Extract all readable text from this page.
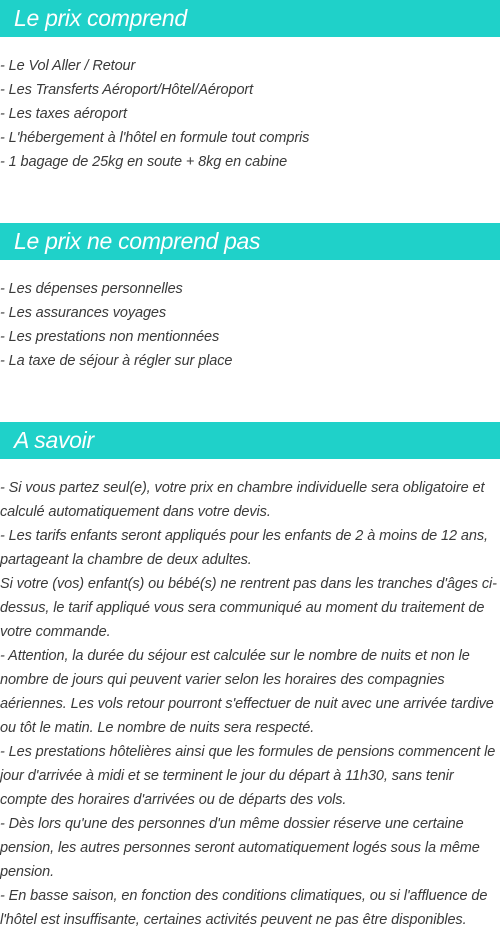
Le prix comprend
- Le Vol Aller / Retour
- Les Transferts Aéroport/Hôtel/Aéroport
- Les taxes aéroport
- L'hébergement à l'hôtel en formule tout compris
- 1 bagage de 25kg en soute + 8kg en cabine
Le prix ne comprend pas
- Les dépenses personnelles
- Les assurances voyages
- Les prestations non mentionnées
- La taxe de séjour à régler sur place
A savoir
- Si vous partez seul(e), votre prix en chambre individuelle sera obligatoire et
calculé automatiquement dans votre devis.
- Les tarifs enfants seront appliqués pour les enfants de 2 à moins de 12 ans,
partageant la chambre de deux adultes.
Si votre (vos) enfant(s) ou bébé(s) ne rentrent pas dans les tranches d'âges ci-
dessus, le tarif appliqué vous sera communiqué au moment du traitement de
votre commande.
- Attention, la durée du séjour est calculée sur le nombre de nuits et non le
nombre de jours qui peuvent varier selon les horaires des compagnies
aériennes. Les vols retour pourront s'effectuer de nuit avec une arrivée tardive
ou tôt le matin. Le nombre de nuits sera respecté.
- Les prestations hôtelières ainsi que les formules de pensions commencent le
jour d'arrivée à midi et se terminent le jour du départ à 11h30, sans tenir
compte des horaires d'arrivées ou de départs des vols.
- Dès lors qu'une des personnes d'un même dossier réserve une certaine
pension, les autres personnes seront automatiquement logés sous la même
pension.
- En basse saison, en fonction des conditions climatiques, ou si l'affluence de
l'hôtel est insuffisante, certaines activités peuvent ne pas être disponibles.
